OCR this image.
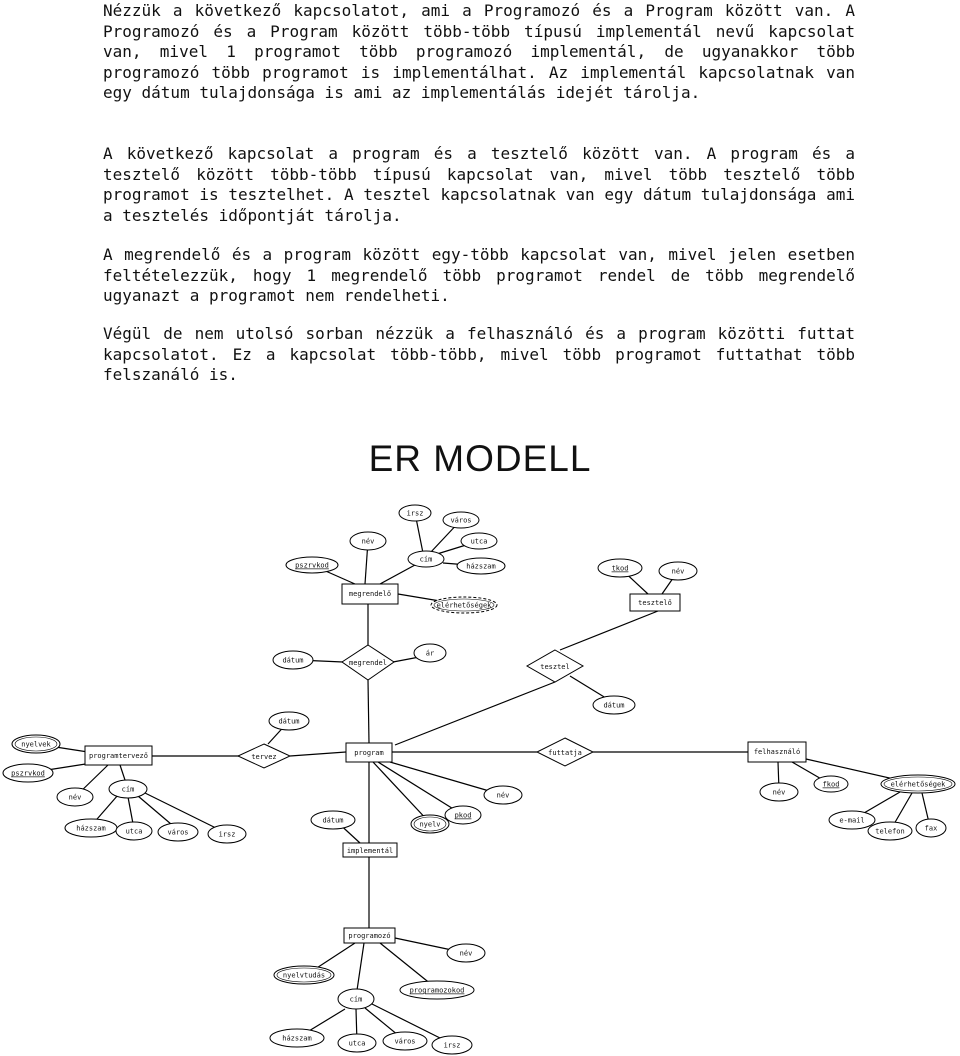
Nézzük a következő kapcsolatot, ami a Programozó és a Program között van. A Programozó és a Program között több-több típusú implementál nevű kapcsolat van, mivel 1 programot több programozó implementál, de ugyanakkor több programozó több programot is implementálhat. Az implementál kapcsolatnak van egy dátum tulajdonsága is ami az implementálás idejét tárolja.

A következő kapcsolat a program és a tesztelő között van. A program és a tesztelő között több-több típusú kapcsolat van, mivel több tesztelő több programot is tesztelhet. A tesztel kapcsolatnak van egy dátum tulajdonsága ami a tesztelés időpontját tárolja.

A megrendelő és a program között egy-több kapcsolat van, mivel jelen esetben feltételezzük, hogy 1 megrendelő több programot rendel de több megrendelő ugyanazt a programot nem rendelheti.

Végül de nem utolsó sorban nézzük a felhasználó és a program közötti futtat kapcsolatot. Ez a kapcsolat több-több, mivel több programot futtathat több felszanáló is.

ER MODELL
megrendelő
tesztelő
programtervező	program	felhasználó
implementál
programozó
megrendel	tesztel
tervez	futtatja
irsz
város
név	utca
cím
pszrvkod	házszam
elérhetőségek
tkod	név
dátum
ár
dátum
dátum
nyelvek
pszrvkod
név
cím
házszam	utca	város	irsz
név
pkod
nyelv
dátum
név
fkod	elérhetőségek
e-mail
telefon	fax
név
nyelvtudás
programozokod
cím
házszam
utca	város	irsz
